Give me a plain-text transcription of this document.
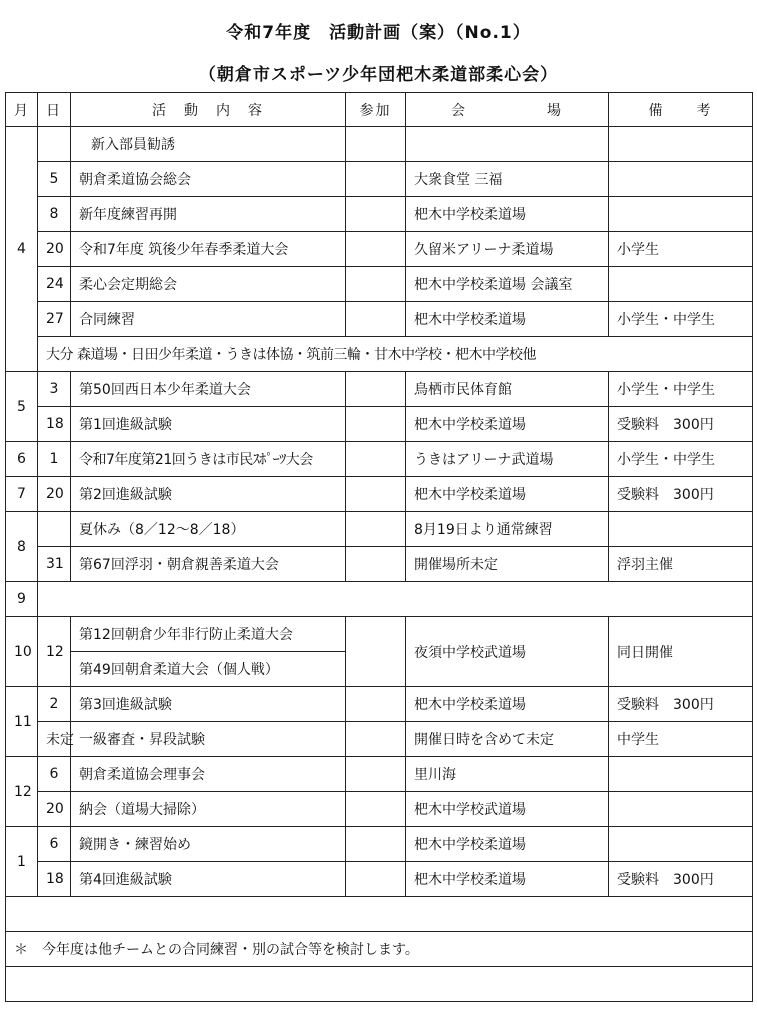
令和7年度　活動計画（案）（No.1）
（朝倉市スポーツ少年団杷木柔道部柔心会）
月	日	活　動　内　容	参加	会　　　　　場	備　　考
4		新入部員勧誘			
	5	朝倉柔道協会総会		大衆食堂 三福	
	8	新年度練習再開		杷木中学校柔道場	
	20	令和7年度 筑後少年春季柔道大会		久留米アリーナ柔道場	小学生
	24	柔心会定期総会		杷木中学校柔道場 会議室	
	27	合同練習		杷木中学校柔道場	小学生・中学生
	大分 森道場・日田少年柔道・うきは体協・筑前三輪・甘木中学校・杷木中学校他				
5	3	第50回西日本少年柔道大会		鳥栖市民体育館	小学生・中学生
	18	第1回進級試験		杷木中学校柔道場	受験料　300円
6	1	令和7年度第21回うきは市民ｽﾎﾟｰﾂ大会		うきはアリーナ武道場	小学生・中学生
7	20	第2回進級試験		杷木中学校柔道場	受験料　300円
8		夏休み（8／12～8／18）		8月19日より通常練習	
	31	第67回浮羽・朝倉親善柔道大会		開催場所未定	浮羽主催
9					
10	12	第12回朝倉少年非行防止柔道大会		夜須中学校武道場	同日開催
		第49回朝倉柔道大会（個人戦）			
11	2	第3回進級試験		杷木中学校柔道場	受験料　300円
	未定	一級審査・昇段試験		開催日時を含めて未定	中学生
12	6	朝倉柔道協会理事会		里川海	
	20	納会（道場大掃除）		杷木中学校武道場	
1	6	鏡開き・練習始め		杷木中学校柔道場	
	18	第4回進級試験		杷木中学校柔道場	受験料　300円

＊　今年度は他チームとの合同練習・別の試合等を検討します。					
